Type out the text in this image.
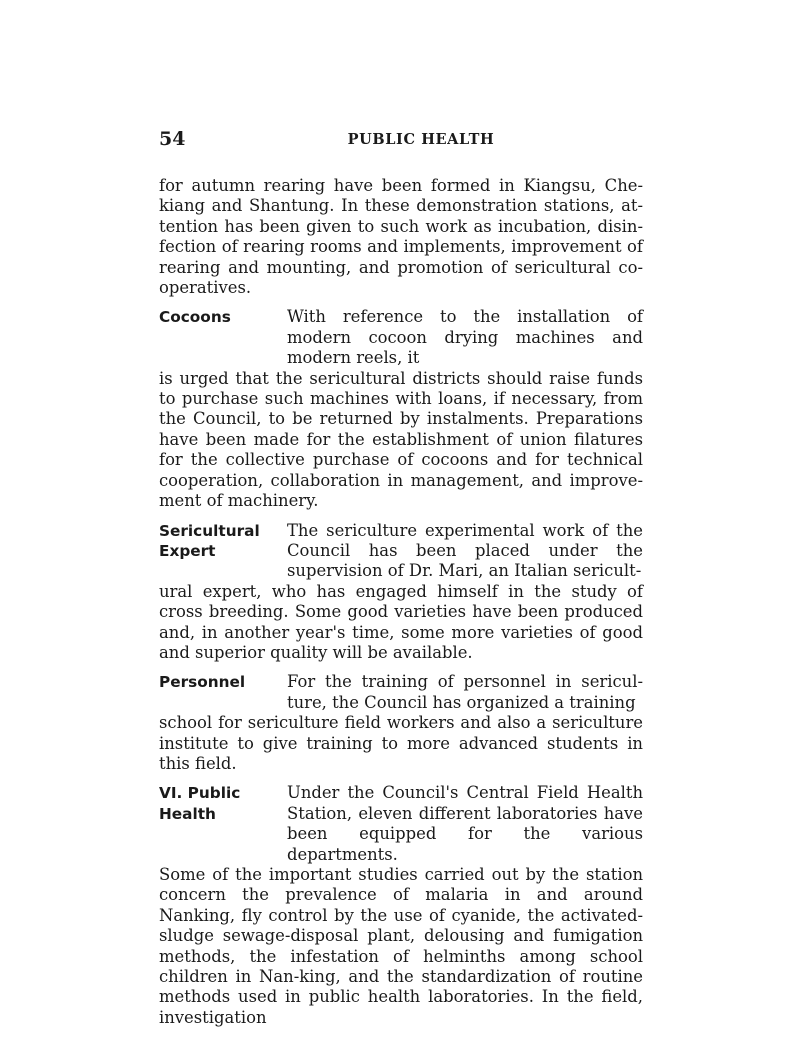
54	PUBLIC HEALTH

for autumn rearing have been formed in Kiangsu, Che-kiang and Shantung. In these demonstration stations, at-tention has been given to such work as incubation, disin-fection of rearing rooms and implements, improvement of rearing and mounting, and promotion of sericultural co-operatives.

Cocoons	With reference to the installation of modern cocoon drying machines and modern reels, it

is urged that the sericultural districts should raise funds to purchase such machines with loans, if necessary, from the Council, to be returned by instalments. Preparations have been made for the establishment of union filatures for the collective purchase of cocoons and for technical cooperation, collaboration in management, and improve-ment of machinery.

Sericultural
Expert

The sericulture experimental work of the Council has been placed under the supervision of Dr. Mari, an Italian sericult-

ural expert, who has engaged himself in the study of cross breeding. Some good varieties have been produced and, in another year's time, some more varieties of good and superior quality will be available.

Personnel	For the training of personnel in sericul-ture, the Council has organized a training

school for sericulture field workers and also a sericulture institute to give training to more advanced students in this field.

VI. Public
Health

Under the Council's Central Field Health Station, eleven different laboratories have been equipped for the various departments.

Some of the important studies carried out by the station concern the prevalence of malaria in and around Nanking, fly control by the use of cyanide, the activated-sludge sewage-disposal plant, delousing and fumigation methods, the infestation of helminths among school children in Nan-king, and the standardization of routine methods used in public health laboratories. In the field, investigation
